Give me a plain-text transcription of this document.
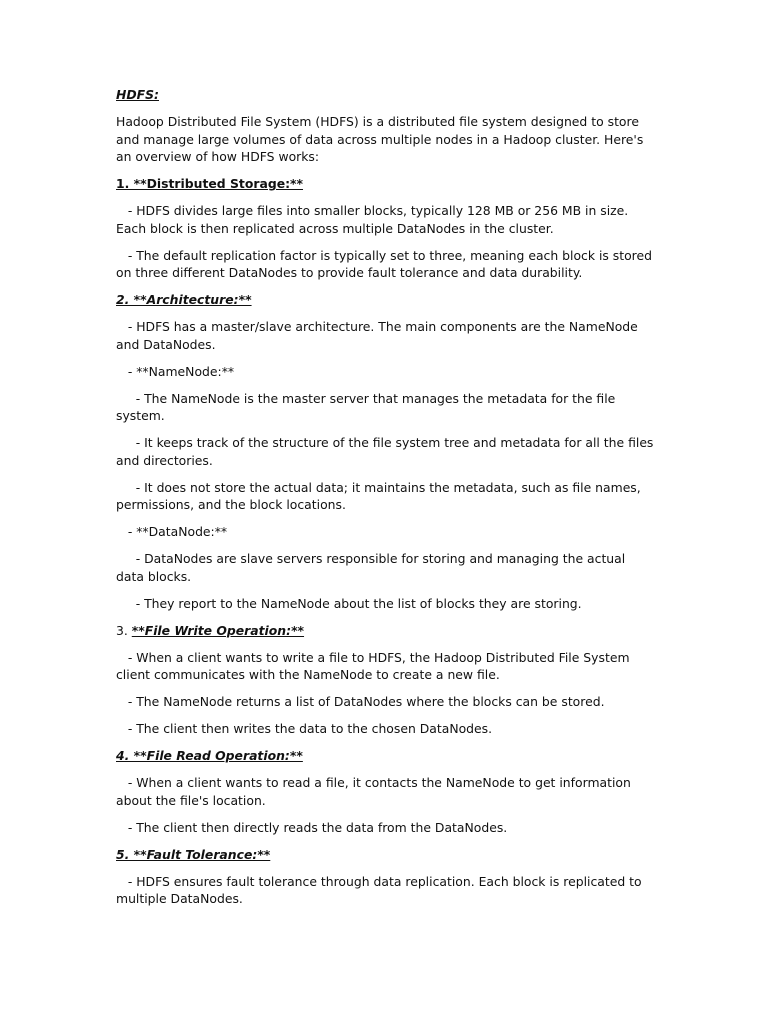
HDFS:
Hadoop Distributed File System (HDFS) is a distributed file system designed to store and manage large volumes of data across multiple nodes in a Hadoop cluster. Here's an overview of how HDFS works:
1. **Distributed Storage:**
- HDFS divides large files into smaller blocks, typically 128 MB or 256 MB in size. Each block is then replicated across multiple DataNodes in the cluster.
- The default replication factor is typically set to three, meaning each block is stored on three different DataNodes to provide fault tolerance and data durability.
2. **Architecture:**
- HDFS has a master/slave architecture. The main components are the NameNode and DataNodes.
- **NameNode:**
- The NameNode is the master server that manages the metadata for the file system.
- It keeps track of the structure of the file system tree and metadata for all the files and directories.
- It does not store the actual data; it maintains the metadata, such as file names, permissions, and the block locations.
- **DataNode:**
- DataNodes are slave servers responsible for storing and managing the actual data blocks.
- They report to the NameNode about the list of blocks they are storing.
3. **File Write Operation:**
- When a client wants to write a file to HDFS, the Hadoop Distributed File System client communicates with the NameNode to create a new file.
- The NameNode returns a list of DataNodes where the blocks can be stored.
- The client then writes the data to the chosen DataNodes.
4. **File Read Operation:**
- When a client wants to read a file, it contacts the NameNode to get information about the file's location.
- The client then directly reads the data from the DataNodes.
5. **Fault Tolerance:**
- HDFS ensures fault tolerance through data replication. Each block is replicated to multiple DataNodes.
